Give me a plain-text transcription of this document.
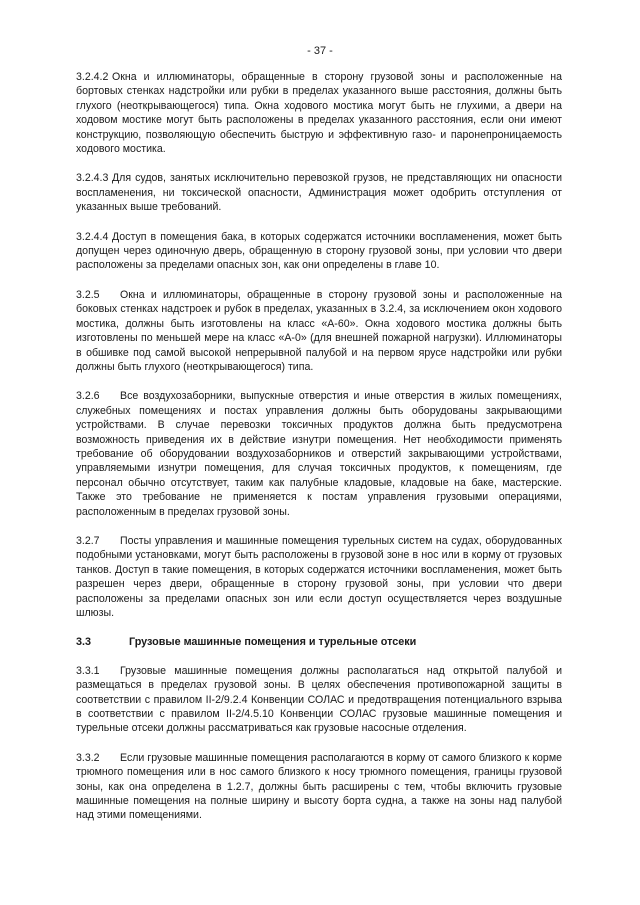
- 37 -

3.2.4.2 Окна и иллюминаторы, обращенные в сторону грузовой зоны и расположенные на бортовых стенках надстройки или рубки в пределах указанного выше расстояния, должны быть глухого (неоткрывающегося) типа. Окна ходового мостика могут быть не глухими, а двери на ходовом мостике могут быть расположены в пределах указанного расстояния, если они имеют конструкцию, позволяющую обеспечить быструю и эффективную газо- и паронепроницаемость ходового мостика.

3.2.4.3 Для судов, занятых исключительно перевозкой грузов, не представляющих ни опасности воспламенения, ни токсической опасности, Администрация может одобрить отступления от указанных выше требований.

3.2.4.4 Доступ в помещения бака, в которых содержатся источники воспламенения, может быть допущен через одиночную дверь, обращенную в сторону грузовой зоны, при условии что двери расположены за пределами опасных зон, как они определены в главе 10.

3.2.5 Окна и иллюминаторы, обращенные в сторону грузовой зоны и расположенные на боковых стенках надстроек и рубок в пределах, указанных в 3.2.4, за исключением окон ходового мостика, должны быть изготовлены на класс «А-60». Окна ходового мостика должны быть изготовлены по меньшей мере на класс «А-0» (для внешней пожарной нагрузки). Иллюминаторы в обшивке под самой высокой непрерывной палубой и на первом ярусе надстройки или рубки должны быть глухого (неоткрывающегося) типа.

3.2.6 Все воздухозаборники, выпускные отверстия и иные отверстия в жилых помещениях, служебных помещениях и постах управления должны быть оборудованы закрывающими устройствами. В случае перевозки токсичных продуктов должна быть предусмотрена возможность приведения их в действие изнутри помещения. Нет необходимости применять требование об оборудовании воздухозаборников и отверстий закрывающими устройствами, управляемыми изнутри помещения, для случая токсичных продуктов, к помещениям, где персонал обычно отсутствует, таким как палубные кладовые, кладовые на баке, мастерские. Также это требование не применяется к постам управления грузовыми операциями, расположенным в пределах грузовой зоны.

3.2.7 Посты управления и машинные помещения турельных систем на судах, оборудованных подобными установками, могут быть расположены в грузовой зоне в нос или в корму от грузовых танков. Доступ в такие помещения, в которых содержатся источники воспламенения, может быть разрешен через двери, обращенные в сторону грузовой зоны, при условии что двери расположены за пределами опасных зон или если доступ осуществляется через воздушные шлюзы.

3.3	Грузовые машинные помещения и турельные отсеки

3.3.1 Грузовые машинные помещения должны располагаться над открытой палубой и размещаться в пределах грузовой зоны. В целях обеспечения противопожарной защиты в соответствии с правилом II-2/9.2.4 Конвенции СОЛАС и предотвращения потенциального взрыва в соответствии с правилом II-2/4.5.10 Конвенции СОЛАС грузовые машинные помещения и турельные отсеки должны рассматриваться как грузовые насосные отделения.

3.3.2 Если грузовые машинные помещения располагаются в корму от самого близкого к корме трюмного помещения или в нос самого близкого к носу трюмного помещения, границы грузовой зоны, как она определена в 1.2.7, должны быть расширены с тем, чтобы включить грузовые машинные помещения на полные ширину и высоту борта судна, а также на зоны над палубой над этими помещениями.
